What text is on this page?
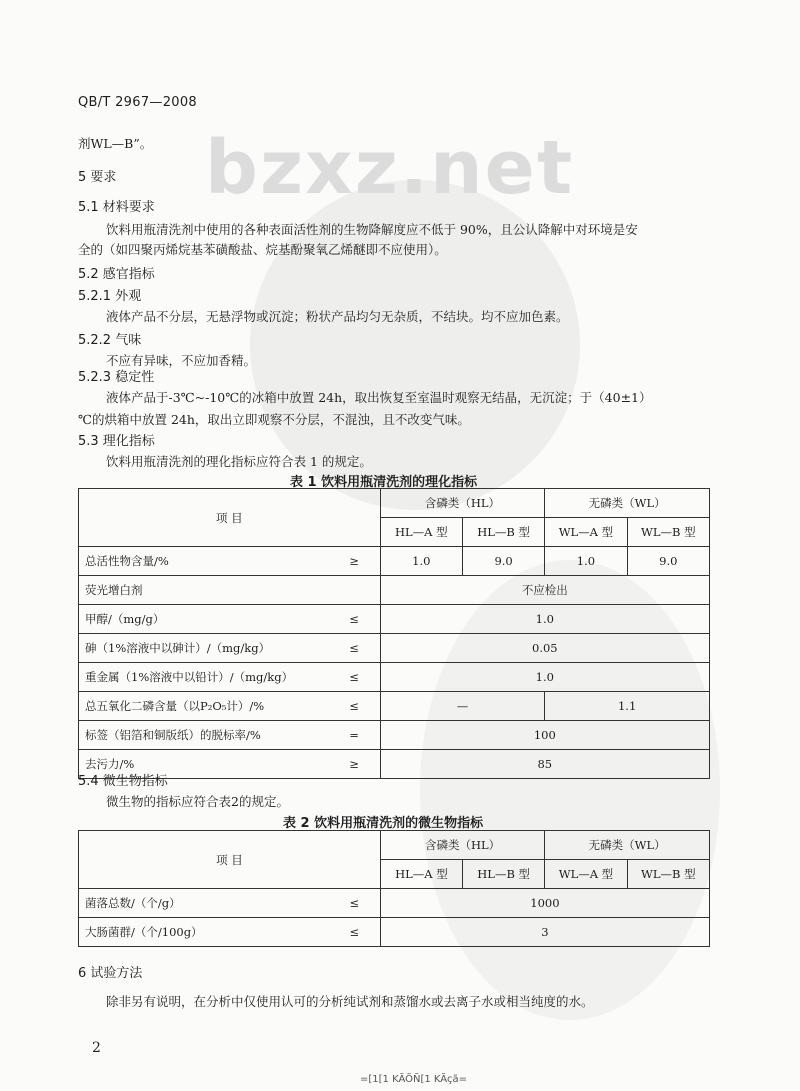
QB/T 2967—2008
bzxz.net
剂WL—B”。
5 要求
5.1 材料要求
饮料用瓶清洗剂中使用的各种表面活性剂的生物降解度应不低于 90%，且公认降解中对环境是安
全的（如四聚丙烯烷基苯磺酸盐、烷基酚聚氧乙烯醚即不应使用）。
5.2 感官指标
5.2.1 外观
液体产品不分层，无悬浮物或沉淀；粉状产品均匀无杂质，不结块。均不应加色素。
5.2.2 气味
不应有异味，不应加香精。
5.2.3 稳定性
液体产品于-3℃~-10℃的冰箱中放置 24h，取出恢复至室温时观察无结晶，无沉淀；于（40±1）
℃的烘箱中放置 24h，取出立即观察不分层，不混浊，且不改变气味。
5.3 理化指标
饮料用瓶清洗剂的理化指标应符合表 1 的规定。
表 1 饮料用瓶清洗剂的理化指标
项 目		含磷类（HL）		无磷类（WL）	
		HL—A 型	HL—B 型	WL—A 型	WL—B 型
总活性物含量/%	≥	1.0	9.0	1.0	9.0
荧光增白剂		不应检出			
甲醇/（mg/g）	≤	1.0			
砷（1%溶液中以砷计）/（mg/kg）	≤	0.05			
重金属（1%溶液中以铅计）/（mg/kg）	≤	1.0			
总五氧化二磷含量（以P₂O₅计）/%	≤	—		1.1	
标签（铝箔和铜版纸）的脱标率/%	=	100			
去污力/%	≥	85			
5.4 微生物指标
微生物的指标应符合表2的规定。
表 2 饮料用瓶清洗剂的微生物指标
项 目		含磷类（HL）		无磷类（WL）	
		HL—A 型	HL—B 型	WL—A 型	WL—B 型
菌落总数/（个/g）	≤	1000			
大肠菌群/（个/100g）	≤	3			
6 试验方法
除非另有说明，在分析中仅使用认可的分析纯试剂和蒸馏水或去离子水或相当纯度的水。
2
=[1[1 KÃÕÑ[1 KÃçã=
